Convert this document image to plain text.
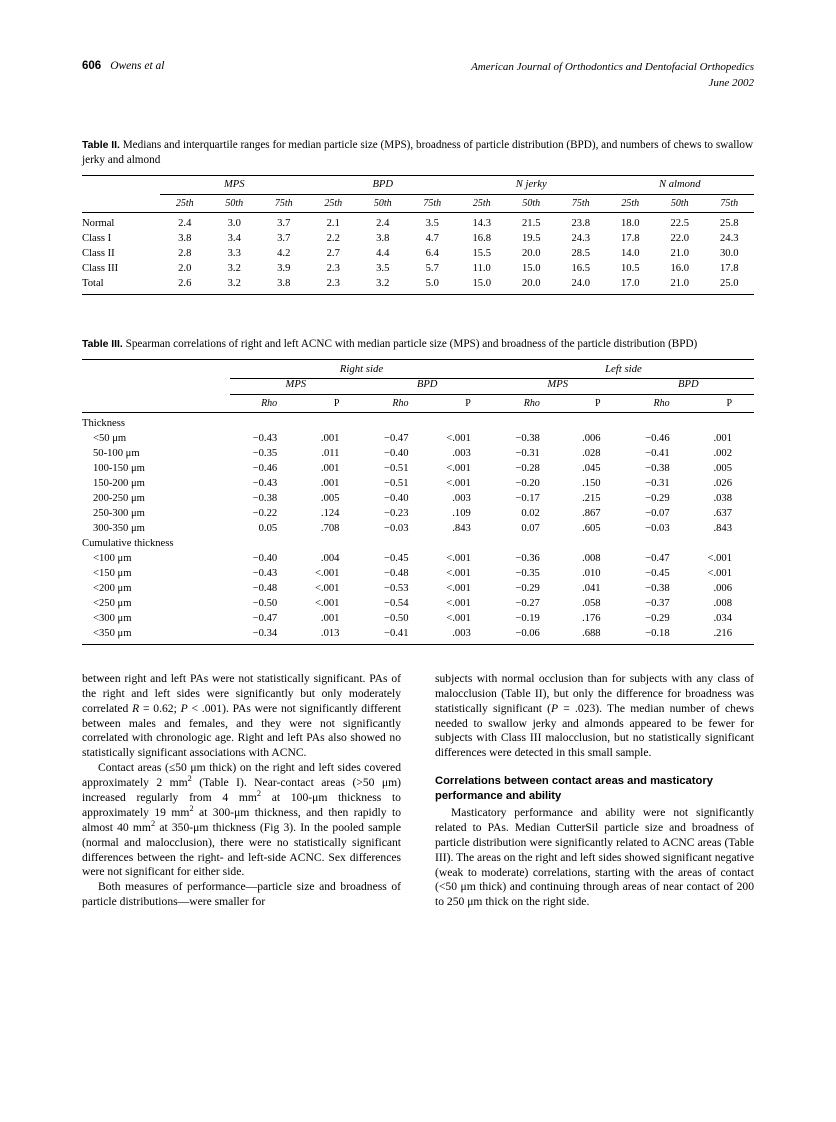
606 Owens et al	American Journal of Orthodontics and Dentofacial Orthopedics
June 2002
Table II. Medians and interquartile ranges for median particle size (MPS), broadness of particle distribution (BPD), and numbers of chews to swallow jerky and almond

	MPS			BPD			N jerky			N almond		

	25th	50th	75th	25th	50th	75th	25th	50th	75th	25th	50th	75th

Normal	2.4	3.0	3.7	2.1	2.4	3.5	14.3	21.5	23.8	18.0	22.5	25.8
Class I	3.8	3.4	3.7	2.2	3.8	4.7	16.8	19.5	24.3	17.8	22.0	24.3
Class II	2.8	3.3	4.2	2.7	4.4	6.4	15.5	20.0	28.5	14.0	21.0	30.0
Class III	2.0	3.2	3.9	2.3	3.5	5.7	11.0	15.0	16.5	10.5	16.0	17.8
Total	2.6	3.2	3.8	2.3	3.2	5.0	15.0	20.0	24.0	17.0	21.0	25.0

Table III. Spearman correlations of right and left ACNC with median particle size (MPS) and broadness of the particle distribution (BPD)

	Right side				Left side			

	MPS		BPD		MPS		BPD	

	Rho	P	Rho	P	Rho	P	Rho	P

Thickness								
<50 μm	−0.43	.001	−0.47	<.001	−0.38	.006	−0.46	.001
50-100 μm	−0.35	.011	−0.40	.003	−0.31	.028	−0.41	.002
100-150 μm	−0.46	.001	−0.51	<.001	−0.28	.045	−0.38	.005
150-200 μm	−0.43	.001	−0.51	<.001	−0.20	.150	−0.31	.026
200-250 μm	−0.38	.005	−0.40	.003	−0.17	.215	−0.29	.038
250-300 μm	−0.22	.124	−0.23	.109	0.02	.867	−0.07	.637
300-350 μm	0.05	.708	−0.03	.843	0.07	.605	−0.03	.843
Cumulative thickness								
<100 μm	−0.40	.004	−0.45	<.001	−0.36	.008	−0.47	<.001
<150 μm	−0.43	<.001	−0.48	<.001	−0.35	.010	−0.45	<.001
<200 μm	−0.48	<.001	−0.53	<.001	−0.29	.041	−0.38	.006
<250 μm	−0.50	<.001	−0.54	<.001	−0.27	.058	−0.37	.008
<300 μm	−0.47	.001	−0.50	<.001	−0.19	.176	−0.29	.034
<350 μm	−0.34	.013	−0.41	.003	−0.06	.688	−0.18	.216

between right and left PAs were not statistically significant. PAs of the right and left sides were significantly but only moderately correlated R = 0.62; P < .001). PAs were not significantly different between males and females, and they were not significantly correlated with chronologic age. Right and left PAs also showed no statistically significant associations with ACNC.

Contact areas (≤50 μm thick) on the right and left sides covered approximately 2 $mm^2$ (Table I). Near-contact areas (>50 μm) increased regularly from 4 $mm^2$ at 100-μm thickness to approximately 19 $mm^2$ at 300-μm thickness, and then rapidly to almost 40 $mm^2$ at 350-μm thickness (Fig 3). In the pooled sample (normal and malocclusion), there were no statistically significant differences between the right- and left-side ACNC. Sex differences were not significant for either side.

Both measures of performance—particle size and broadness of particle distributions—were smaller for

subjects with normal occlusion than for subjects with any class of malocclusion (Table II), but only the difference for broadness was statistically significant (P = .023). The median number of chews needed to swallow jerky and almonds appeared to be fewer for subjects with Class III malocclusion, but no statistically significant differences were detected in this small sample.

Correlations between contact areas and masticatory performance and ability

Masticatory performance and ability were not significantly related to PAs. Median CutterSil particle size and broadness of particle distribution were significantly related to ACNC areas (Table III). The areas on the right and left sides showed significant negative (weak to moderate) correlations, starting with the areas of contact (<50 μm thick) and continuing through areas of near contact of 200 to 250 μm thick on the right side.
